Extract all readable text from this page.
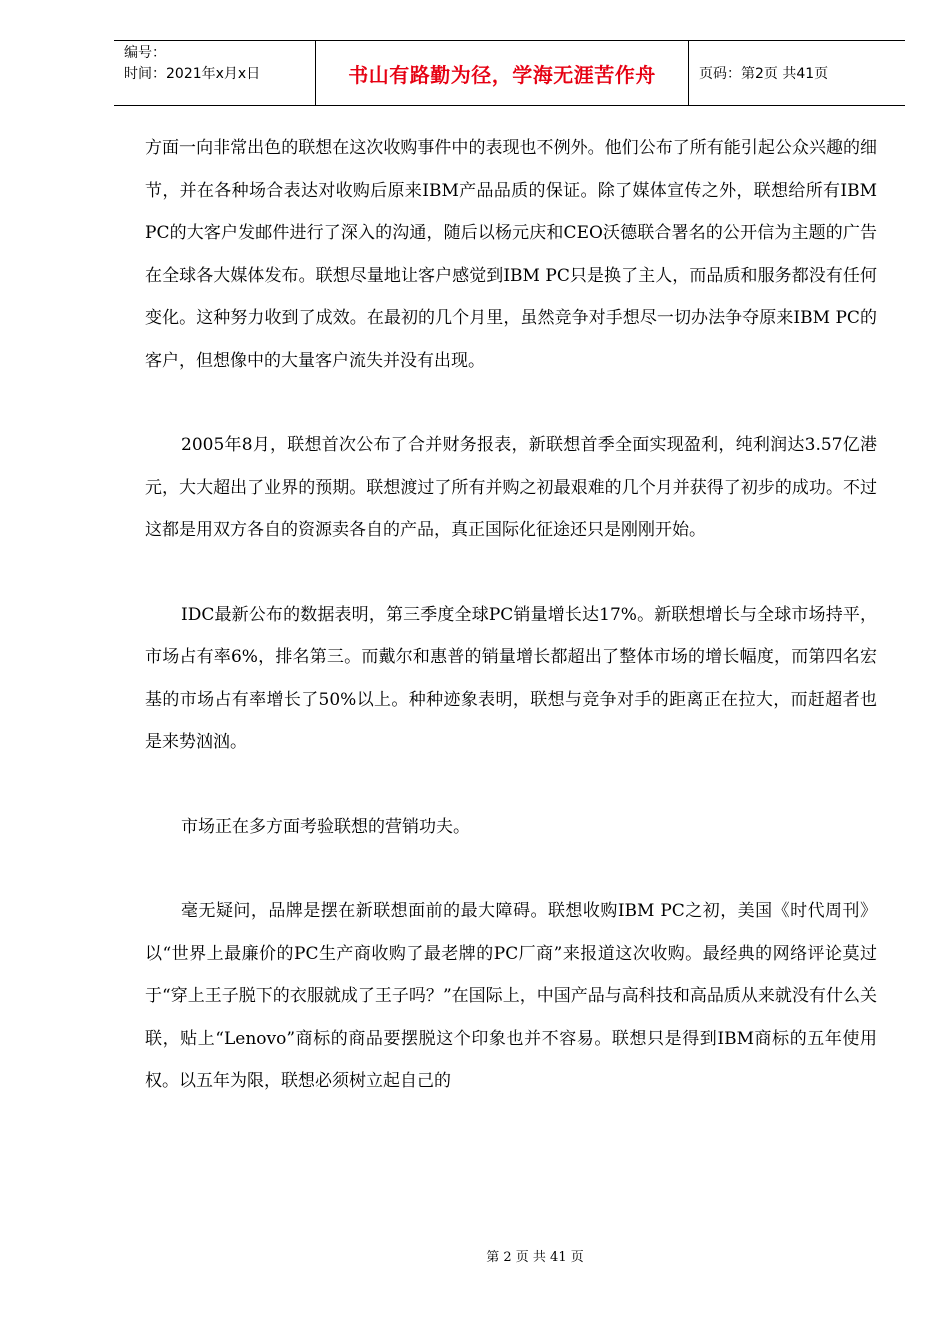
编号：
时间：2021年x月x日	书山有路勤为径，学海无涯苦作舟	页码：第2页 共41页

方面一向非常出色的联想在这次收购事件中的表现也不例外。他们公布了所有能引起公众兴趣的细节，并在各种场合表达对收购后原来IBM产品品质的保证。除了媒体宣传之外，联想给所有IBM PC的大客户发邮件进行了深入的沟通，随后以杨元庆和CEO沃德联合署名的公开信为主题的广告在全球各大媒体发布。联想尽量地让客户感觉到IBM PC只是换了主人，而品质和服务都没有任何变化。这种努力收到了成效。在最初的几个月里，虽然竞争对手想尽一切办法争夺原来IBM PC的客户，但想像中的大量客户流失并没有出现。

2005年8月，联想首次公布了合并财务报表，新联想首季全面实现盈利，纯利润达3.57亿港元，大大超出了业界的预期。联想渡过了所有并购之初最艰难的几个月并获得了初步的成功。不过这都是用双方各自的资源卖各自的产品，真正国际化征途还只是刚刚开始。

IDC最新公布的数据表明，第三季度全球PC销量增长达17%。新联想增长与全球市场持平，市场占有率6%，排名第三。而戴尔和惠普的销量增长都超出了整体市场的增长幅度，而第四名宏基的市场占有率增长了50%以上。种种迹象表明，联想与竞争对手的距离正在拉大，而赶超者也是来势汹汹。

市场正在多方面考验联想的营销功夫。

毫无疑问，品牌是摆在新联想面前的最大障碍。联想收购IBM PC之初，美国《时代周刊》以“世界上最廉价的PC生产商收购了最老牌的PC厂商”来报道这次收购。最经典的网络评论莫过于“穿上王子脱下的衣服就成了王子吗？”在国际上，中国产品与高科技和高品质从来就没有什么关联，贴上“Lenovo”商标的商品要摆脱这个印象也并不容易。联想只是得到IBM商标的五年使用权。以五年为限，联想必须树立起自己的

第 2 页 共 41 页
